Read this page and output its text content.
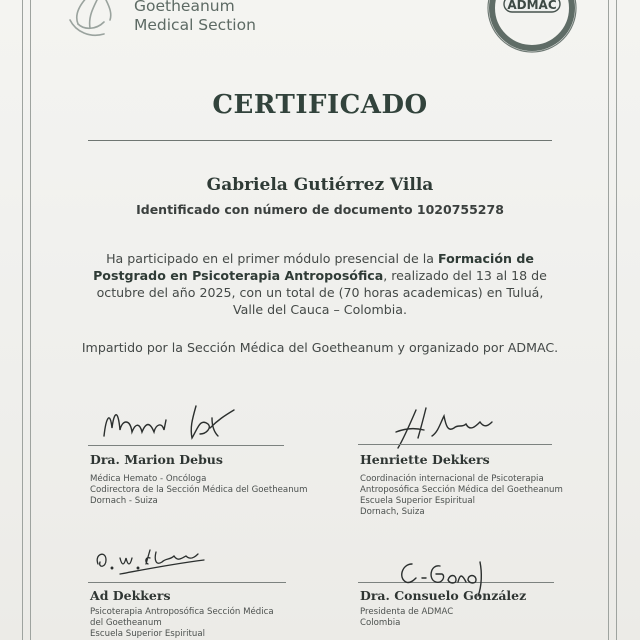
Goetheanum
Medical Section
ADMAC
COLOMBIA
CERTIFICADO
Gabriela Gutiérrez Villa
Identificado con número de documento 1020755278
Ha participado en el primer módulo presencial de la Formación de Postgrado en Psicoterapia Antroposófica, realizado del 13 al 18 de octubre del año 2025, con un total de (70 horas academicas) en Tuluá, Valle del Cauca – Colombia.
Impartido por la Sección Médica del Goetheanum y organizado por ADMAC.
Dra. Marion Debus
Médica Hemato - Oncóloga
Codirectora de la Sección Médica del Goetheanum
Dornach - Suiza
Henriette Dekkers
Coordinación internacional de Psicoterapia
Antroposófica Sección Médica del Goetheanum
Escuela Superior Espiritual
Dornach, Suiza
Ad Dekkers
Psicoterapia Antroposófica Sección Médica
del Goetheanum
Escuela Superior Espiritual
Dra. Consuelo González
Presidenta de ADMAC
Colombia
